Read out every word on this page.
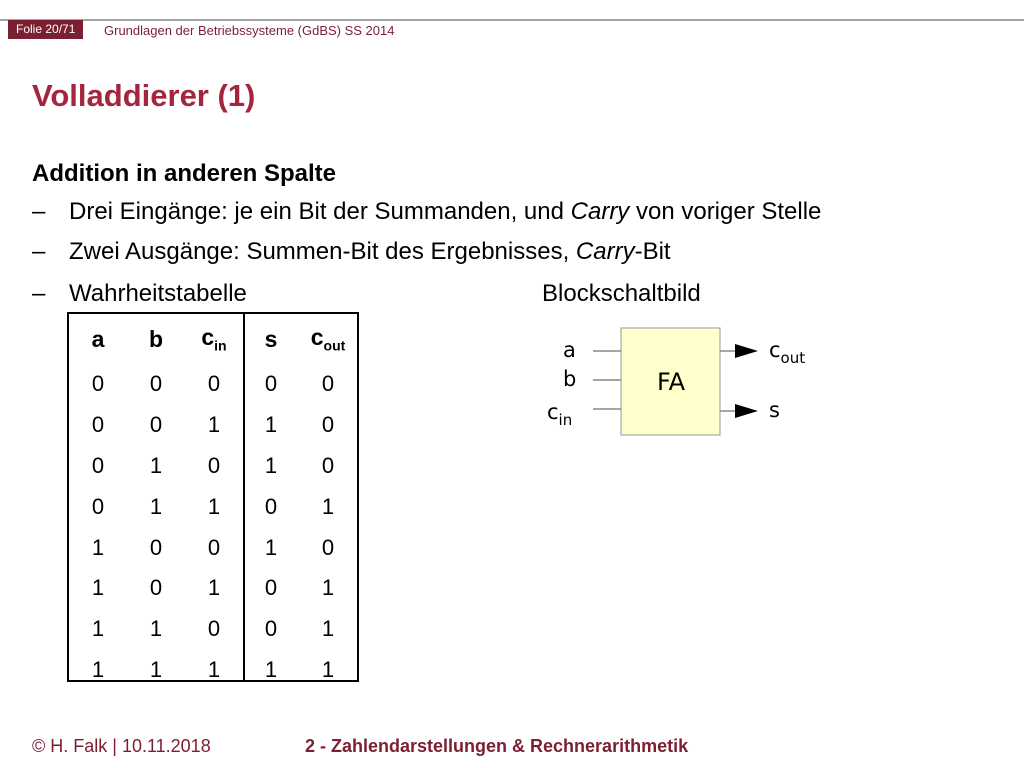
Folie 20/71	Grundlagen der Betriebssysteme (GdBS) SS 2014
Volladdierer (1)
Addition in anderen Spalte
– Drei Eingänge: je ein Bit der Summanden, und Carry von voriger Stelle
– Zwei Ausgänge: Summen-Bit des Ergebnisses, Carry-Bit
– Wahrheitstabelle	Blockschaltbild
a	b	$c_{in}$	s	$c_{out}$
0	0	0	0	0
0	0	1	1	0
0	1	0	1	0
0	1	1	0	1
1	0	0	1	0
1	0	1	0	1
1	1	0	0	1
1	1	1	1	1
FA
a
b
$c_{in}$
$c_{out}$
s
© H. Falk | 10.11.2018	2 - Zahlendarstellungen & Rechnerarithmetik
